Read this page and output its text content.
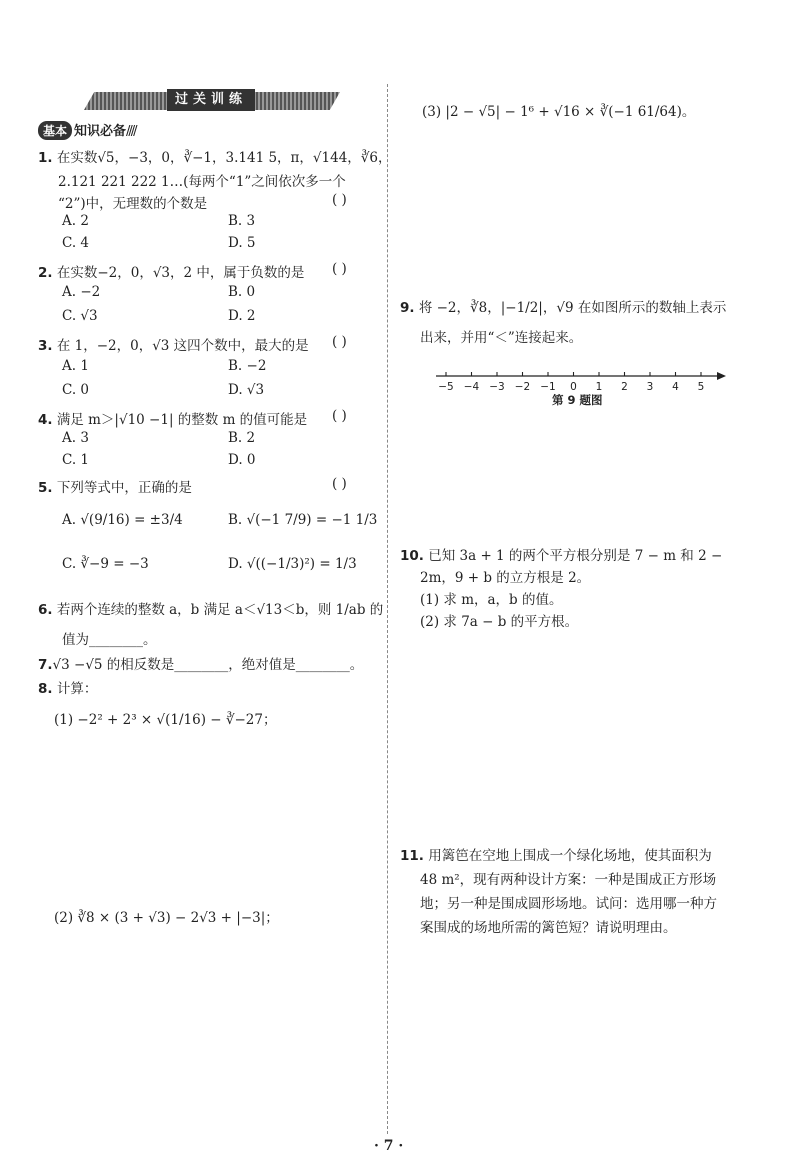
过关训练
基本 知识必备////
1. 在实数√5，−3，0，∛−1，3.141 5，π，√144，∛6，
2.121 221 222 1…(每两个“1”之间依次多一个
“2”)中，无理数的个数是	( )
A. 2	B. 3
C. 4	D. 5
2. 在实数−2，0，√3，2 中，属于负数的是 ( )
A. −2	B. 0
C. √3	D. 2
3. 在 1，−2，0，√3 这四个数中，最大的是 ( )
A. 1	B. −2
C. 0	D. √3
4. 满足 m＞|√10 −1| 的整数 m 的值可能是 ( )
A. 3	B. 2
C. 1	D. 0
5. 下列等式中，正确的是	( )
A. √(9/16) = ±3/4	B. √(−1 7/9) = −1 1/3
C. ∛−9 = −3	D. √((−1/3)²) = 1/3
6. 若两个连续的整数 a，b 满足 a＜√13＜b，则 1/ab 的
值为________。
7.√3 −√5 的相反数是________，绝对值是________。
8. 计算：
(1) −2² + 2³ × √(1/16) − ∛−27；
(2) ∛8 × (3 + √3) − 2√3 + |−3|；
(3) |2 − √5| − 1⁶ + √16 × ∛(−1 61/64)。
9. 将 −2，∛8，|−1/2|，√9 在如图所示的数轴上表示
出来，并用“＜”连接起来。
−5 −4 −3 −2 −1 0 1 2 3 4 5
第 9 题图
10. 已知 3a + 1 的两个平方根分别是 7 − m 和 2 −
2m，9 + b 的立方根是 2。
(1) 求 m，a，b 的值。
(2) 求 7a − b 的平方根。
11. 用篱笆在空地上围成一个绿化场地，使其面积为
48 m²，现有两种设计方案：一种是围成正方形场
地；另一种是围成圆形场地。试问：选用哪一种方
案围成的场地所需的篱笆短？请说明理由。
· 7 ·
